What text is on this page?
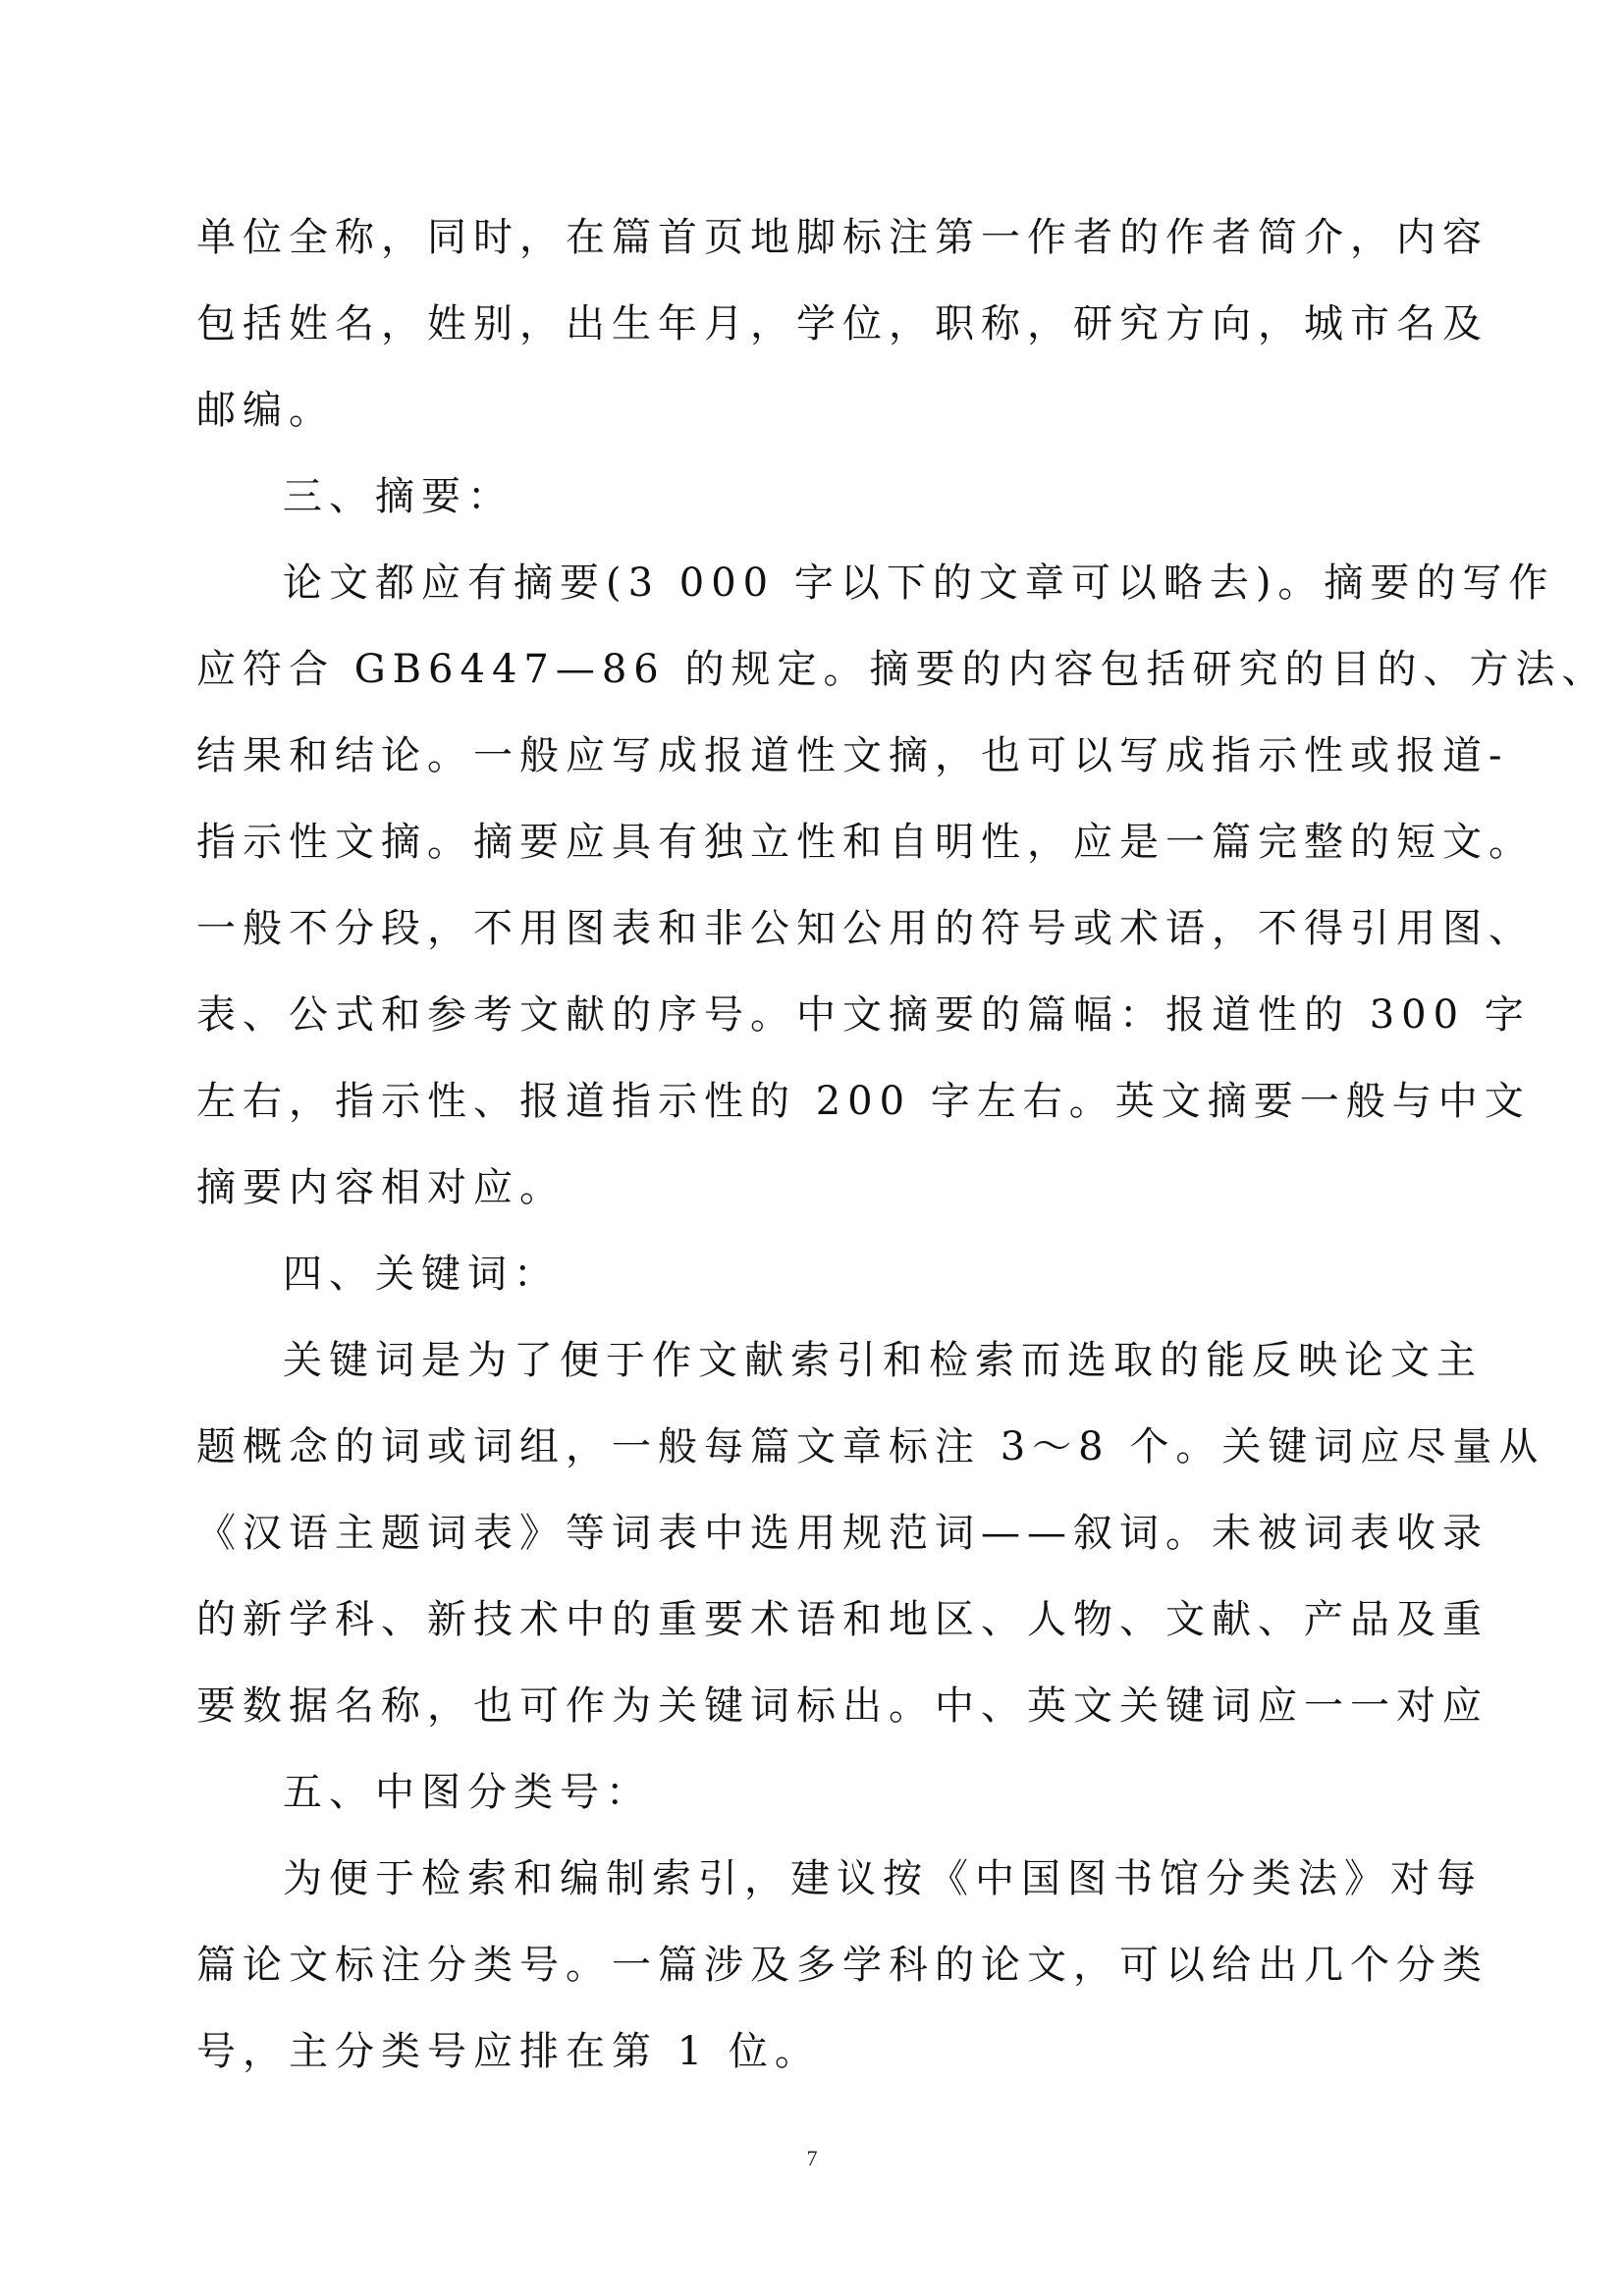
单位全称，同时，在篇首页地脚标注第一作者的作者简介，内容
包括姓名，姓别，出生年月，学位，职称，研究方向，城市名及
邮编。
三、摘要：
论文都应有摘要(3 000 字以下的文章可以略去)。摘要的写作
应符合 GB6447—86 的规定。摘要的内容包括研究的目的、方法、
结果和结论。一般应写成报道性文摘，也可以写成指示性或报道-
指示性文摘。摘要应具有独立性和自明性，应是一篇完整的短文。
一般不分段，不用图表和非公知公用的符号或术语，不得引用图、
表、公式和参考文献的序号。中文摘要的篇幅：报道性的 300 字
左右，指示性、报道指示性的 200 字左右。英文摘要一般与中文
摘要内容相对应。
四、关键词：
关键词是为了便于作文献索引和检索而选取的能反映论文主
题概念的词或词组，一般每篇文章标注 3～8 个。关键词应尽量从
《汉语主题词表》等词表中选用规范词——叙词。未被词表收录
的新学科、新技术中的重要术语和地区、人物、文献、产品及重
要数据名称，也可作为关键词标出。中、英文关键词应一一对应
五、中图分类号：
为便于检索和编制索引，建议按《中国图书馆分类法》对每
篇论文标注分类号。一篇涉及多学科的论文，可以给出几个分类
号，主分类号应排在第 1 位。
7
